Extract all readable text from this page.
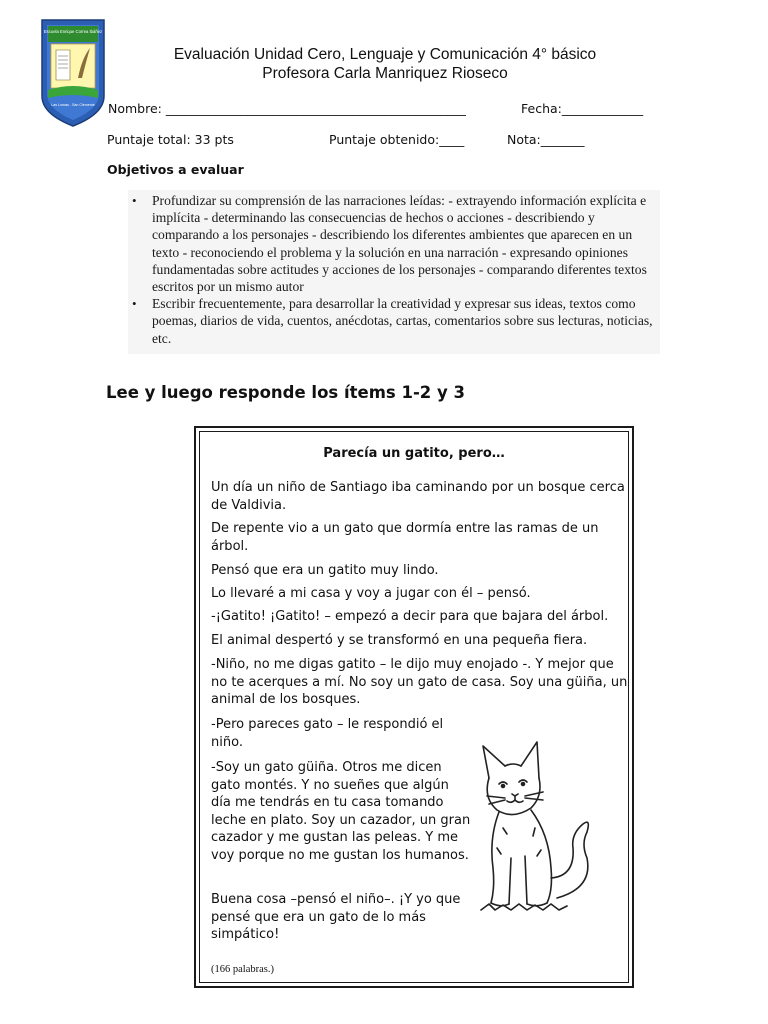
Escuela Enrique Correa Ibáñez
Las Lomas - San Clemente
Evaluación Unidad Cero, Lenguaje y Comunicación 4° básico
Profesora Carla Manriquez Rioseco
Nombre: ________________________________________________	Fecha:_____________
Puntaje total: 33 pts	Puntaje obtenido:____	Nota:_______
Objetivos a evaluar
• Profundizar su comprensión de las narraciones leídas: - extrayendo información explícita e implícita - determinando las consecuencias de hechos o acciones - describiendo y comparando a los personajes - describiendo los diferentes ambientes que aparecen en un texto - reconociendo el problema y la solución en una narración - expresando opiniones fundamentadas sobre actitudes y acciones de los personajes - comparando diferentes textos escritos por un mismo autor
• Escribir frecuentemente, para desarrollar la creatividad y expresar sus ideas, textos como poemas, diarios de vida, cuentos, anécdotas, cartas, comentarios sobre sus lecturas, noticias, etc.
Lee y luego responde los ítems 1-2 y 3
Parecía un gatito, pero…

Un día un niño de Santiago iba caminando por un bosque cerca de Valdivia.

De repente vio a un gato que dormía entre las ramas de un árbol.

Pensó que era un gatito muy lindo.

Lo llevaré a mi casa y voy a jugar con él – pensó.

-¡Gatito! ¡Gatito! – empezó a decir para que bajara del árbol.

El animal despertó y se transformó en una pequeña fiera.

-Niño, no me digas gatito – le dijo muy enojado -. Y mejor que no te acerques a mí. No soy un gato de casa. Soy una güiña, un animal de los bosques.

-Pero pareces gato – le respondió el niño.

-Soy un gato güiña. Otros me dicen gato montés. Y no sueñes que algún día me tendrás en tu casa tomando leche en plato. Soy un cazador, un gran cazador y me gustan las peleas. Y me voy porque no me gustan los humanos.

Buena cosa –pensó el niño–. ¡Y yo que pensé que era un gato de lo más simpático!

(166 palabras.)
